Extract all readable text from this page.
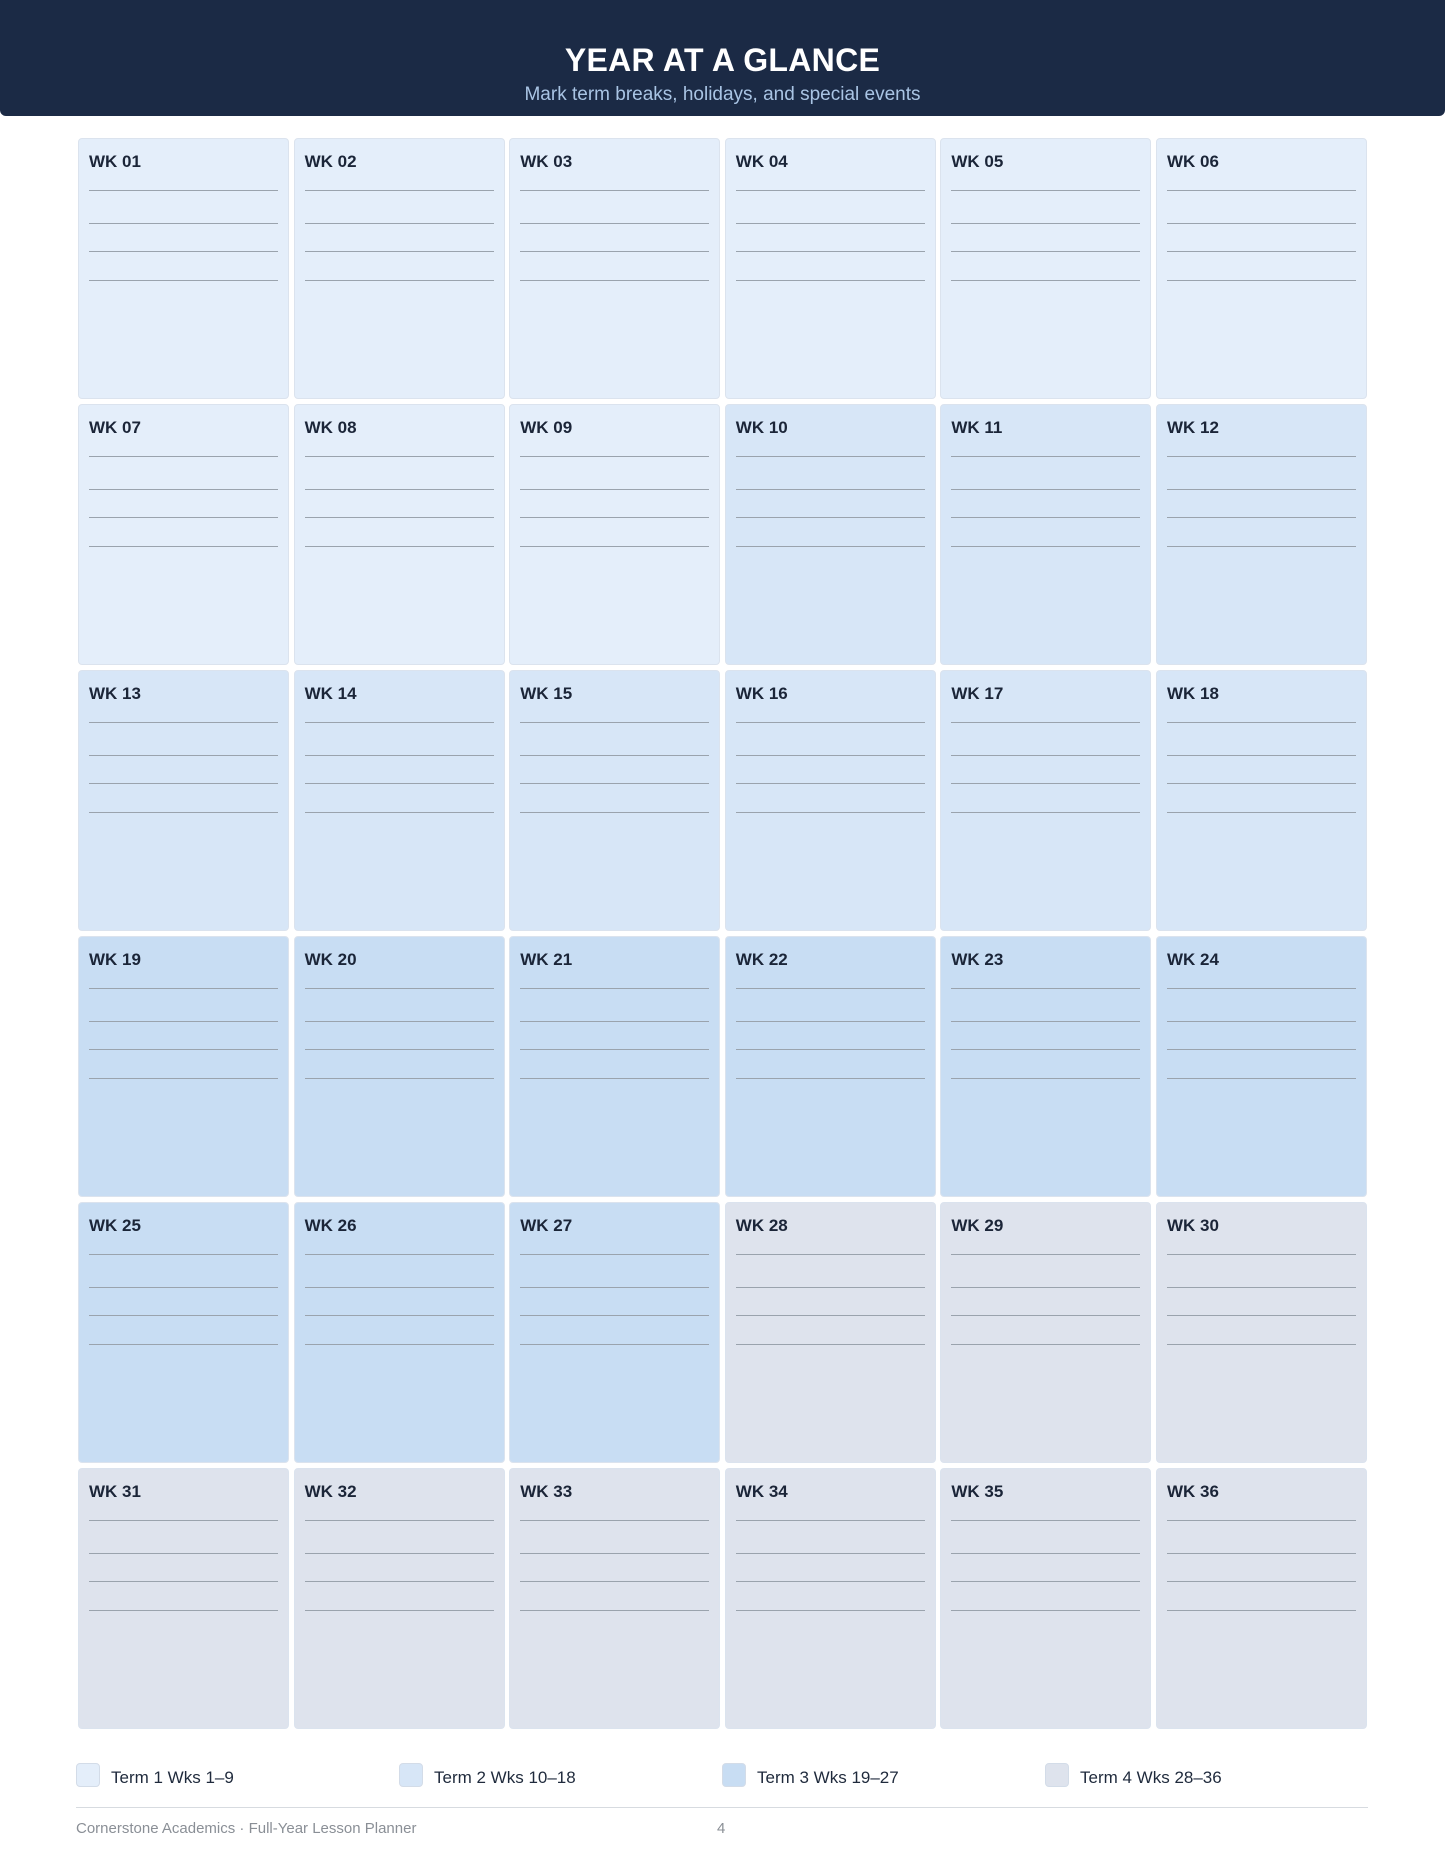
YEAR AT A GLANCE
Mark term breaks, holidays, and special events
WK 01	WK 02	WK 03	WK 04	WK 05	WK 06
WK 07	WK 08	WK 09	WK 10	WK 11	WK 12
WK 13	WK 14	WK 15	WK 16	WK 17	WK 18
WK 19	WK 20	WK 21	WK 22	WK 23	WK 24
WK 25	WK 26	WK 27	WK 28	WK 29	WK 30
WK 31	WK 32	WK 33	WK 34	WK 35	WK 36
Term 1 Wks 1–9	Term 2 Wks 10–18	Term 3 Wks 19–27	Term 4 Wks 28–36
Cornerstone Academics · Full-Year Lesson Planner	4
